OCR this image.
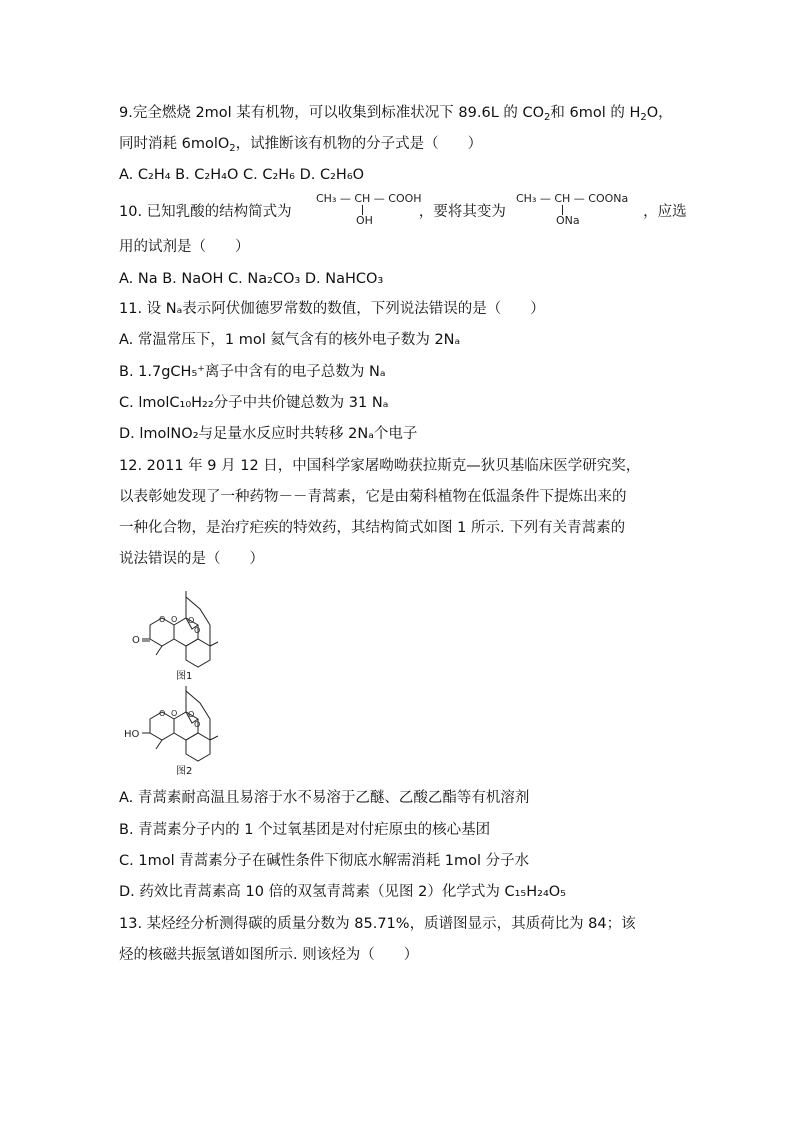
9.完全燃烧 2mol 某有机物，可以收集到标准状况下 89.6L 的 $CO_2$和 6mol 的 $H_2O$，
同时消耗 6molO$_2$，试推断该有机物的分子式是（　　）
A. C₂H₄ B. C₂H₄O C. C₂H₆ D. C₂H₆O
10. 已知乳酸的结构简式为	，要将其变为	，应选
CH₃ — CH — COOH
OH
CH₃ — CH — COONa
ONa
用的试剂是（　　）
A. Na B. NaOH C. Na₂CO₃ D. NaHCO₃
11. 设 Nₐ表示阿伏伽德罗常数的数值，下列说法错误的是（　　）
A. 常温常压下，1 mol 氦气含有的核外电子数为 2Nₐ
B. 1.7gCH₅⁺离子中含有的电子总数为 Nₐ
C. lmolC₁₀H₂₂分子中共价键总数为 31 Nₐ
D. lmolNO₂与足量水反应时共转移 2Nₐ个电子
12. 2011 年 9 月 12 日，中国科学家屠呦呦获拉斯克—狄贝基临床医学研究奖，
以表彰她发现了一种药物－－青蒿素，它是由菊科植物在低温条件下提炼出来的
一种化合物，是治疗疟疾的特效药，其结构简式如图 1 所示. 下列有关青蒿素的
说法错误的是（　　）
O
O O O
O
图1
HO
O O O
O
图2
A. 青蒿素耐高温且易溶于水不易溶于乙醚、乙酸乙酯等有机溶剂
B. 青蒿素分子内的 1 个过氧基团是对付疟原虫的核心基团
C. 1mol 青蒿素分子在碱性条件下彻底水解需消耗 1mol 分子水
D. 药效比青蒿素高 10 倍的双氢青蒿素（见图 2）化学式为 C₁₅H₂₄O₅
13. 某烃经分析测得碳的质量分数为 85.71%，质谱图显示，其质荷比为 84；该
烃的核磁共振氢谱如图所示. 则该烃为（　　）
